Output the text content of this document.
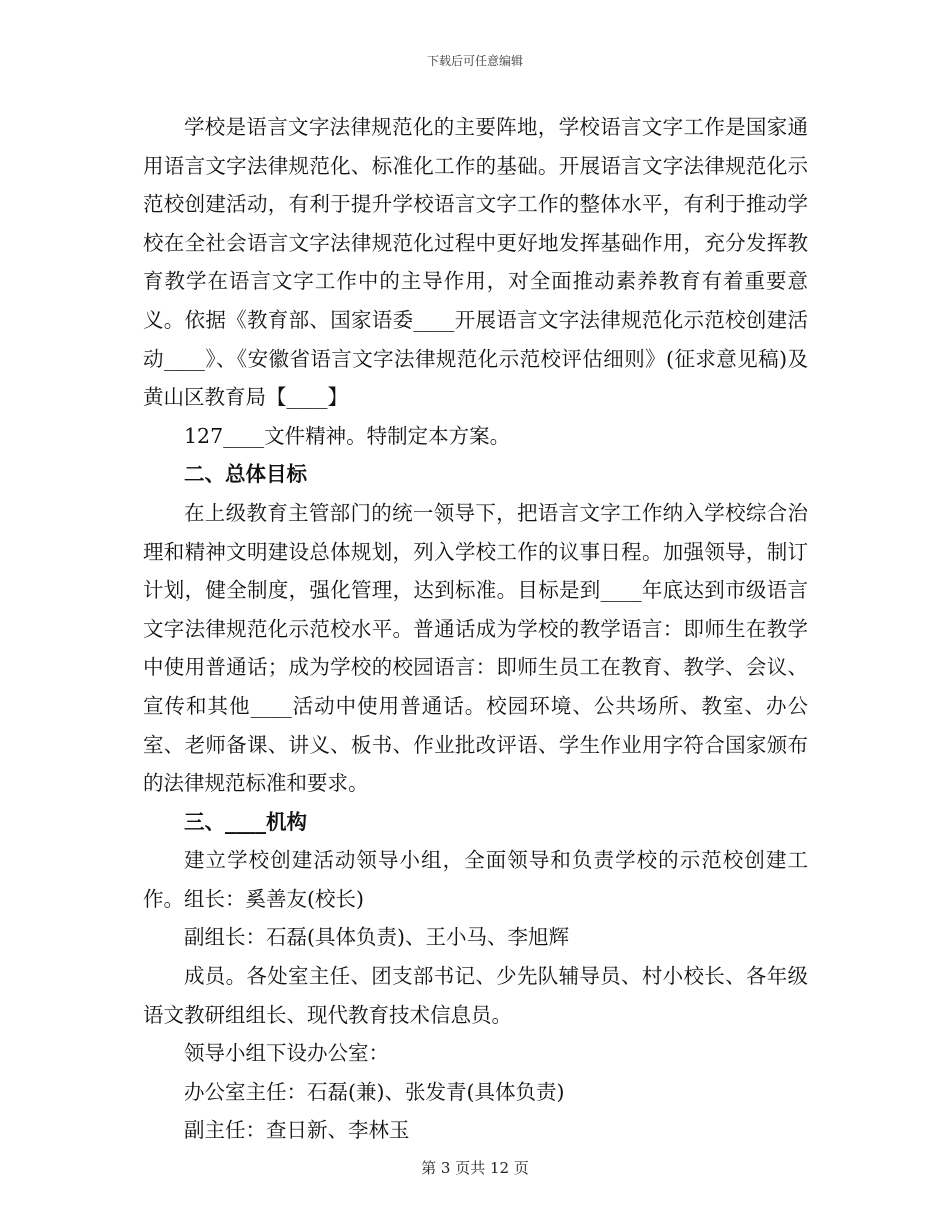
下载后可任意编辑

学校是语言文字法律规范化的主要阵地，学校语言文字工作是国家通用语言文字法律规范化、标准化工作的基础。开展语言文字法律规范化示范校创建活动，有利于提升学校语言文字工作的整体水平，有利于推动学校在全社会语言文字法律规范化过程中更好地发挥基础作用，充分发挥教育教学在语言文字工作中的主导作用，对全面推动素养教育有着重要意义。依据《教育部、国家语委____开展语言文字法律规范化示范校创建活动____》、《安徽省语言文字法律规范化示范校评估细则》(征求意见稿)及黄山区教育局【____】

127____文件精神。特制定本方案。

二、总体目标

在上级教育主管部门的统一领导下，把语言文字工作纳入学校综合治理和精神文明建设总体规划，列入学校工作的议事日程。加强领导，制订计划，健全制度，强化管理，达到标准。目标是到____年底达到市级语言文字法律规范化示范校水平。普通话成为学校的教学语言：即师生在教学中使用普通话；成为学校的校园语言：即师生员工在教育、教学、会议、宣传和其他____活动中使用普通话。校园环境、公共场所、教室、办公室、老师备课、讲义、板书、作业批改评语、学生作业用字符合国家颁布的法律规范标准和要求。

三、____机构

建立学校创建活动领导小组，全面领导和负责学校的示范校创建工作。组长：奚善友(校长)

副组长：石磊(具体负责)、王小马、李旭辉

成员。各处室主任、团支部书记、少先队辅导员、村小校长、各年级语文教研组组长、现代教育技术信息员。

领导小组下设办公室：

办公室主任：石磊(兼)、张发青(具体负责)

副主任：查日新、李林玉

第 3 页共 12 页
